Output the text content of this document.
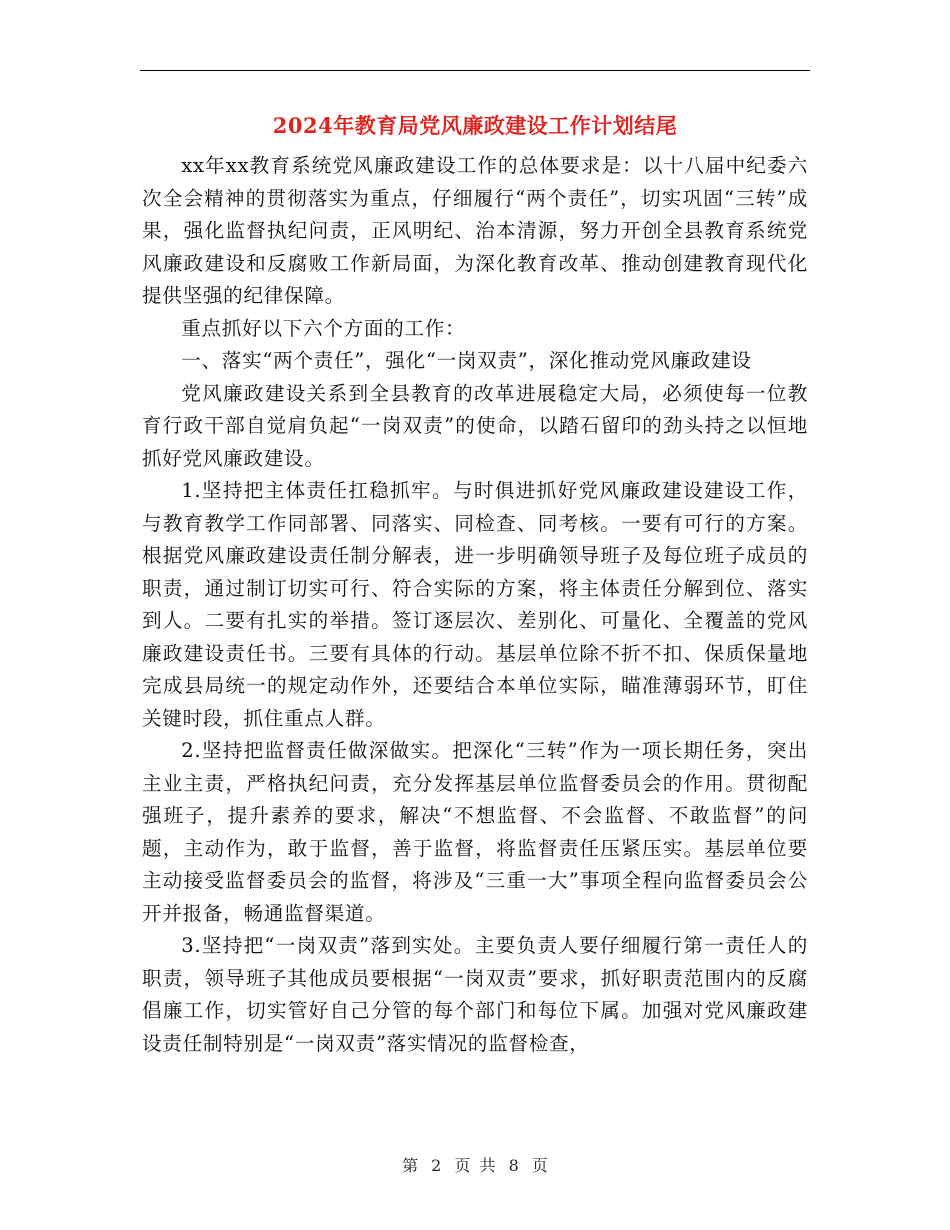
2024年教育局党风廉政建设工作计划结尾

xx年xx教育系统党风廉政建设工作的总体要求是：以十八届中纪委六次全会精神的贯彻落实为重点，仔细履行“两个责任”，切实巩固“三转”成果，强化监督执纪问责，正风明纪、治本清源，努力开创全县教育系统党风廉政建设和反腐败工作新局面，为深化教育改革、推动创建教育现代化提供坚强的纪律保障。

重点抓好以下六个方面的工作：

一、落实“两个责任”，强化“一岗双责”，深化推动党风廉政建设

党风廉政建设关系到全县教育的改革进展稳定大局，必须使每一位教育行政干部自觉肩负起“一岗双责”的使命，以踏石留印的劲头持之以恒地抓好党风廉政建设。

1.坚持把主体责任扛稳抓牢。与时俱进抓好党风廉政建设建设工作，与教育教学工作同部署、同落实、同检查、同考核。一要有可行的方案。根据党风廉政建设责任制分解表，进一步明确领导班子及每位班子成员的职责，通过制订切实可行、符合实际的方案，将主体责任分解到位、落实到人。二要有扎实的举措。签订逐层次、差别化、可量化、全覆盖的党风廉政建设责任书。三要有具体的行动。基层单位除不折不扣、保质保量地完成县局统一的规定动作外，还要结合本单位实际，瞄准薄弱环节，盯住关键时段，抓住重点人群。

2.坚持把监督责任做深做实。把深化“三转”作为一项长期任务，突出主业主责，严格执纪问责，充分发挥基层单位监督委员会的作用。贯彻配强班子，提升素养的要求，解决“不想监督、不会监督、不敢监督”的问题，主动作为，敢于监督，善于监督，将监督责任压紧压实。基层单位要主动接受监督委员会的监督，将涉及“三重一大”事项全程向监督委员会公开并报备，畅通监督渠道。

3.坚持把“一岗双责”落到实处。主要负责人要仔细履行第一责任人的职责，领导班子其他成员要根据“一岗双责”要求，抓好职责范围内的反腐倡廉工作，切实管好自己分管的每个部门和每位下属。加强对党风廉政建设责任制特别是“一岗双责”落实情况的监督检查，

第 2 页 共 8 页
